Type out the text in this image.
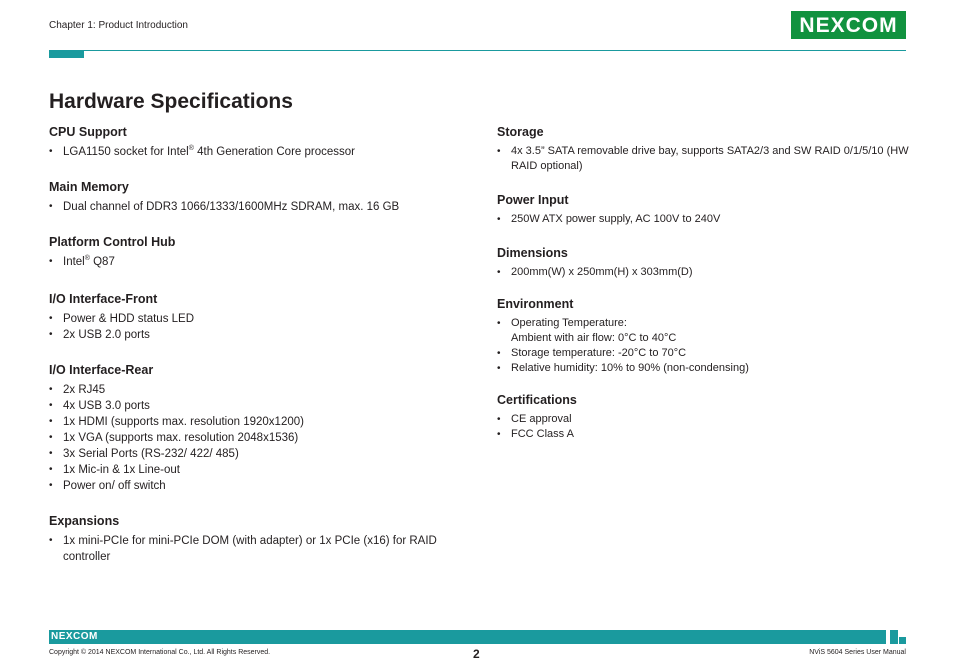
Chapter 1: Product Introduction	NEXCOM
Hardware Specifications
CPU Support
• LGA1150 socket for Intel® 4th Generation Core processor
Main Memory
• Dual channel of DDR3 1066/1333/1600MHz SDRAM, max. 16 GB
Platform Control Hub
• Intel® Q87
I/O Interface-Front
• Power & HDD status LED
• 2x USB 2.0 ports
I/O Interface-Rear
• 2x RJ45
• 4x USB 3.0 ports
• 1x HDMI (supports max. resolution 1920x1200)
• 1x VGA (supports max. resolution 2048x1536)
• 3x Serial Ports (RS-232/ 422/ 485)
• 1x Mic-in & 1x Line-out
• Power on/ off switch
Expansions
• 1x mini-PCIe for mini-PCIe DOM (with adapter) or 1x PCIe (x16) for RAID controller
Storage
• 4x 3.5” SATA removable drive bay, supports SATA2/3 and SW RAID 0/1/5/10 (HW RAID optional)
Power Input
• 250W ATX power supply, AC 100V to 240V
Dimensions
• 200mm(W) x 250mm(H) x 303mm(D)
Environment
• Operating Temperature:
Ambient with air flow: 0°C to 40°C
• Storage temperature: -20°C to 70°C
• Relative humidity: 10% to 90% (non-condensing)
Certifications
• CE approval
• FCC Class A
NEXCOM
Copyright © 2014 NEXCOM International Co., Ltd. All Rights Reserved.	2	NViS 5604 Series User Manual
